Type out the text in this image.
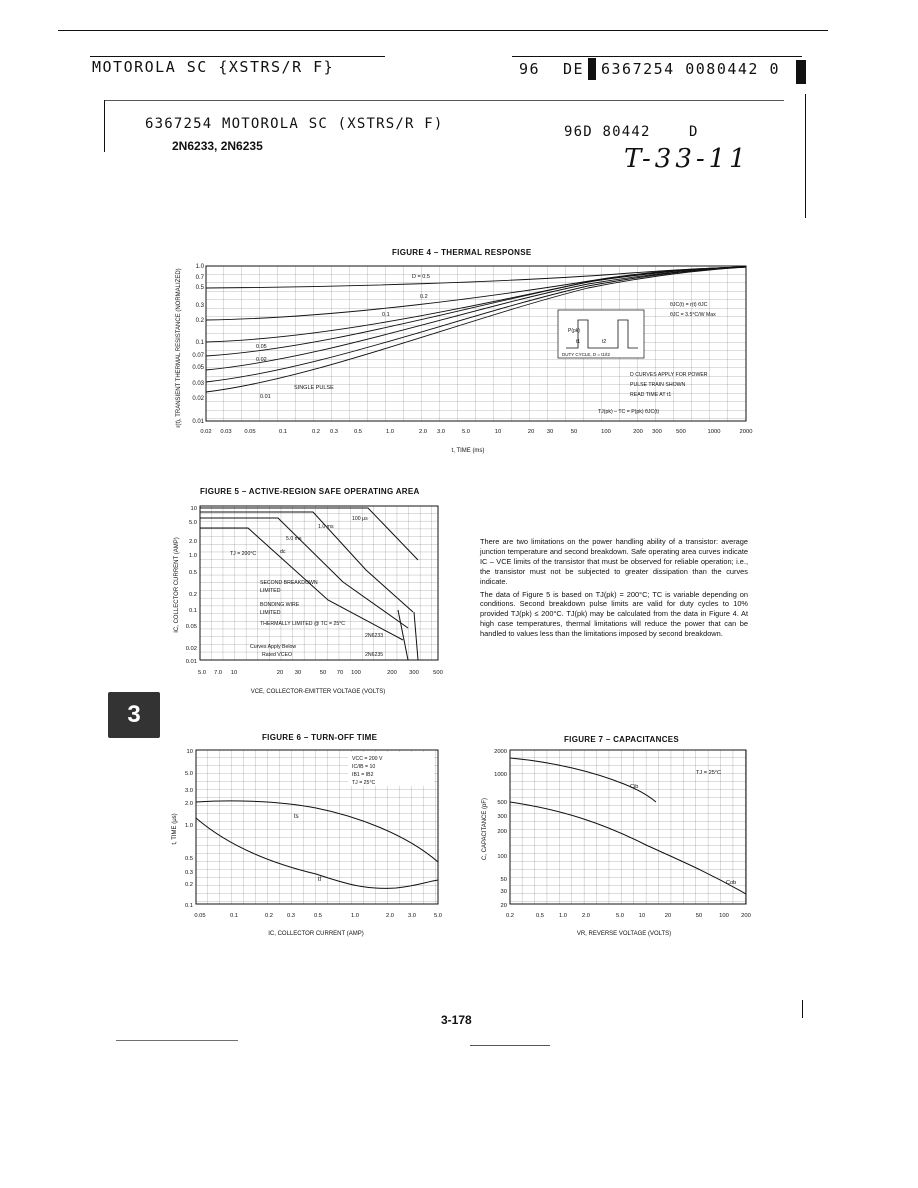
MOTOROLA SC {XSTRS/R F}	96 DE 6367254 0080442 0
6367254 MOTOROLA SC (XSTRS/R F)	96D 80442	D
2N6233, 2N6235	T-33-11
FIGURE 4 – THERMAL RESPONSE
P(pk)
t1	t2
DUTY CYCLE, D = t1/t2
1.0
0.7
0.5
0.3
0.2
0.1
0.07
0.05
0.03
0.02
0.01
0.02 0.03 0.05	0.1	0.2 0.3	0.5	1.0	2.0 3.0	5.0	10	20 30	50	100	200 300 500	1000	2000
t, TIME (ms)
r(t), TRANSIENT THERMAL RESISTANCE (NORMALIZED)	D = 0.5
0.2
0.1
0.05
0.02
0.01
SINGLE PULSE
θJC(t) = r(t) θJC
θJC = 3.5°C/W Max
D CURVES APPLY FOR POWER
PULSE TRAIN SHOWN
READ TIME AT t1
TJ(pk) – TC = P(pk) θJC(t)
FIGURE 5 – ACTIVE-REGION SAFE OPERATING AREA
10
5.0
2.0
1.0
0.5
0.2
0.1
0.05
0.02
0.01
5.0 7.0 10	20 30	50 70 100	200 300 500
VCE, COLLECTOR-EMITTER VOLTAGE (VOLTS)
IC, COLLECTOR CURRENT (AMP)
100 μs
1.0 ms
5.0 ms
dc
TJ = 200°C
SECOND BREAKDOWN
LIMITED
BONDING WIRE
LIMITED
THERMALLY LIMITED @ TC = 25°C
2N6233
2N6235
Curves Apply Below
Rated VCEO

There are two limitations on the power handling ability of a transistor: average junction temperature and second breakdown. Safe operating area curves indicate IC – VCE limits of the transistor that must be observed for reliable operation; i.e., the transistor must not be subjected to greater dissipation than the curves indicate.

The data of Figure 5 is based on TJ(pk) = 200°C; TC is variable depending on conditions. Second breakdown pulse limits are valid for duty cycles to 10% provided TJ(pk) ≤ 200°C. TJ(pk) may be calculated from the data in Figure 4. At high case temperatures, thermal limitations will reduce the power that can be handled to values less than the limitations imposed by second breakdown.

3
FIGURE 6 – TURN-OFF TIME
10
5.0
3.0
2.0
1.0
0.5
0.3
0.2
0.1
0.05	0.1	0.2 0.3	0.5	1.0	2.0 3.0	5.0
IC, COLLECTOR CURRENT (AMP)
t, TIME (μs)	ts
tf
VCC = 200 V
IC/IB = 10
IB1 = IB2
TJ = 25°C
FIGURE 7 – CAPACITANCES
2000
1000
500
300
200
100
50
30
20
0.2	0.5	1.0	2.0	5.0	10	20	50	100 200
VR, REVERSE VOLTAGE (VOLTS)
C, CAPACITANCE (pF)
TJ = 25°C
Cib
Cob
3-178
